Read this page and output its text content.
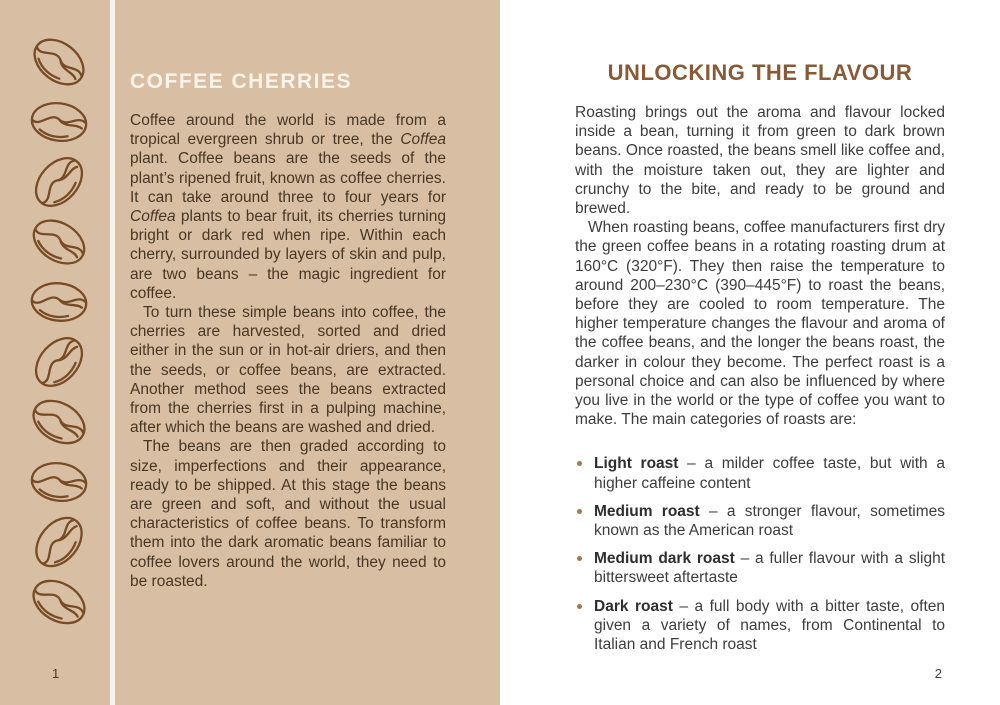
COFFEE CHERRIES

Coffee around the world is made from a tropical evergreen shrub or tree, the Coffea plant. Coffee beans are the seeds of the plant’s ripened fruit, known as coffee cherries. It can take around three to four years for Coffea plants to bear fruit, its cherries turning bright or dark red when ripe. Within each cherry, surrounded by layers of skin and pulp, are two beans – the magic ingredient for coffee.

To turn these simple beans into coffee, the cherries are harvested, sorted and dried either in the sun or in hot-air driers, and then the seeds, or coffee beans, are extracted. Another method sees the beans extracted from the cherries first in a pulping machine, after which the beans are washed and dried.

The beans are then graded according to size, imperfections and their appearance, ready to be shipped. At this stage the beans are green and soft, and without the usual characteristics of coffee beans. To transform them into the dark aromatic beans familiar to coffee lovers around the world, they need to be roasted.

1
UNLOCKING THE FLAVOUR

Roasting brings out the aroma and flavour locked inside a bean, turning it from green to dark brown beans. Once roasted, the beans smell like coffee and, with the moisture taken out, they are lighter and crunchy to the bite, and ready to be ground and brewed.

When roasting beans, coffee manufacturers first dry the green coffee beans in a rotating roasting drum at 160°C (320°F). They then raise the temperature to around 200–230°C (390–445°F) to roast the beans, before they are cooled to room temperature. The higher temperature changes the flavour and aroma of the coffee beans, and the longer the beans roast, the darker in colour they become. The perfect roast is a personal choice and can also be influenced by where you live in the world or the type of coffee you want to make. The main categories of roasts are:

Light roast – a milder coffee taste, but with a higher caffeine content
Medium roast – a stronger flavour, sometimes known as the American roast
Medium dark roast – a fuller flavour with a slight bittersweet aftertaste
Dark roast – a full body with a bitter taste, often given a variety of names, from Continental to Italian and French roast
2
